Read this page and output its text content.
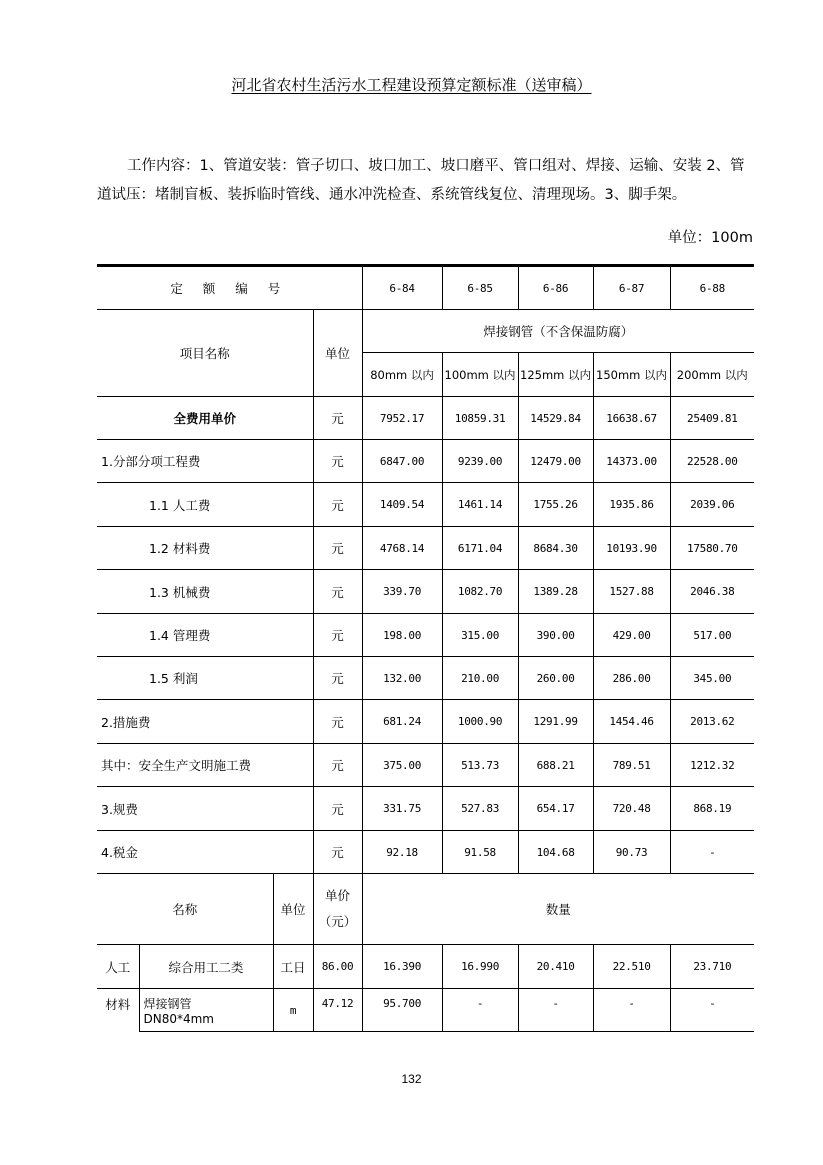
河北省农村生活污水工程建设预算定额标准（送审稿）
工作内容：1、管道安装：管子切口、坡口加工、坡口磨平、管口组对、焊接、运输、安装 2、管道试压：堵制盲板、装拆临时管线、通水冲洗检查、系统管线复位、清理现场。3、脚手架。
单位：100m
定 额 编 号				6-84	6-85	6-86	6-87	6-88
项目名称			单位	焊接钢管（不含保温防腐）				
				80mm 以内	100mm 以内	125mm 以内	150mm 以内	200mm 以内
全费用单价			元	7952.17	10859.31	14529.84	16638.67	25409.81
1.分部分项工程费			元	6847.00	9239.00	12479.00	14373.00	22528.00
1.1 人工费			元	1409.54	1461.14	1755.26	1935.86	2039.06
1.2 材料费			元	4768.14	6171.04	8684.30	10193.90	17580.70
1.3 机械费			元	339.70	1082.70	1389.28	1527.88	2046.38
1.4 管理费			元	198.00	315.00	390.00	429.00	517.00
1.5 利润			元	132.00	210.00	260.00	286.00	345.00
2.措施费			元	681.24	1000.90	1291.99	1454.46	2013.62
其中：安全生产文明施工费			元	375.00	513.73	688.21	789.51	1212.32
3.规费			元	331.75	527.83	654.17	720.48	868.19
4.税金			元	92.18	91.58	104.68	90.73	-
名称		单位	单价
（元）	数量				
人工	综合用工二类	工日	86.00	16.390	16.990	20.410	22.510	23.710
材料	焊接钢管　DN80*4mm	m	47.12	95.700	-	-	-	-
132
